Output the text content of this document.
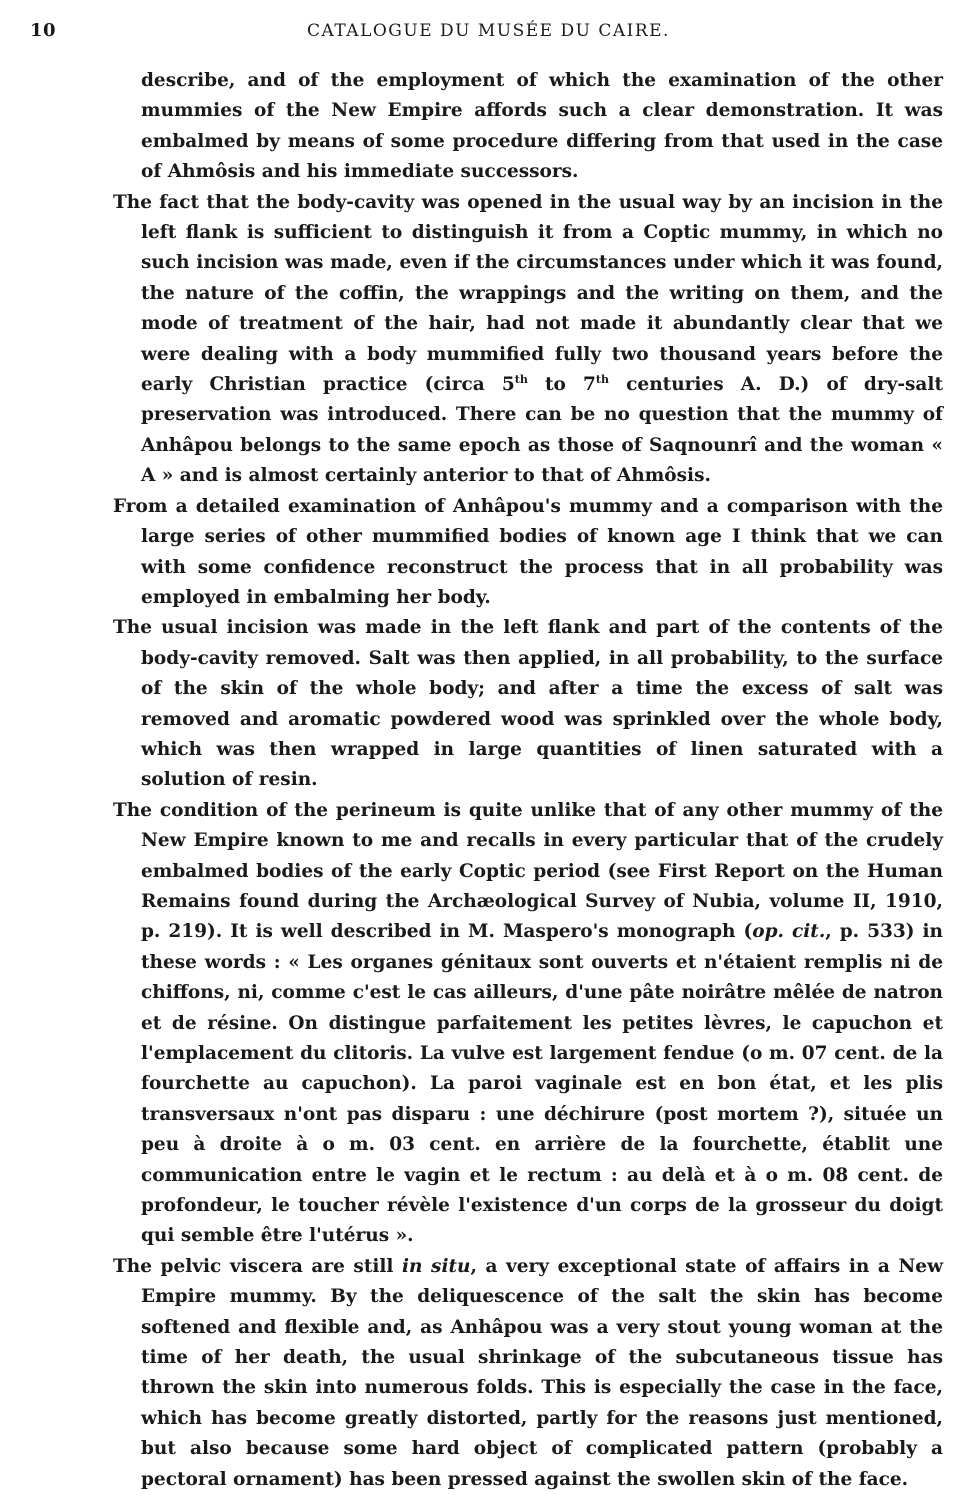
10	CATALOGUE DU MUSÉE DU CAIRE.

describe, and of the employment of which the examination of the other mummies of the New Empire affords such a clear demonstration. It was embalmed by means of some procedure differing from that used in the case of Ahmôsis and his immediate successors.

The fact that the body-cavity was opened in the usual way by an incision in the left flank is sufficient to distinguish it from a Coptic mummy, in which no such incision was made, even if the circumstances under which it was found, the nature of the coffin, the wrappings and the writing on them, and the mode of treatment of the hair, had not made it abundantly clear that we were dealing with a body mummified fully two thousand years before the early Christian practice (circa 5th to 7th centuries A. D.) of dry-salt preservation was introduced. There can be no question that the mummy of Anhâpou belongs to the same epoch as those of Saqnounrî and the woman « A » and is almost certainly anterior to that of Ahmôsis.

From a detailed examination of Anhâpou's mummy and a comparison with the large series of other mummified bodies of known age I think that we can with some confidence reconstruct the process that in all probability was employed in embalming her body.

The usual incision was made in the left flank and part of the contents of the body-cavity removed. Salt was then applied, in all probability, to the surface of the skin of the whole body; and after a time the excess of salt was removed and aromatic powdered wood was sprinkled over the whole body, which was then wrapped in large quantities of linen saturated with a solution of resin.

The condition of the perineum is quite unlike that of any other mummy of the New Empire known to me and recalls in every particular that of the crudely embalmed bodies of the early Coptic period (see First Report on the Human Remains found during the Archæological Survey of Nubia, volume II, 1910, p. 219). It is well described in M. Maspero's monograph (op. cit., p. 533) in these words : « Les organes génitaux sont ouverts et n'étaient remplis ni de chiffons, ni, comme c'est le cas ailleurs, d'une pâte noirâtre mêlée de natron et de résine. On distingue parfaitement les petites lèvres, le capuchon et l'emplacement du clitoris. La vulve est largement fendue (o m. 07 cent. de la fourchette au capuchon). La paroi vaginale est en bon état, et les plis transversaux n'ont pas disparu : une déchirure (post mortem ?), située un peu à droite à o m. 03 cent. en arrière de la fourchette, établit une communication entre le vagin et le rectum : au delà et à o m. 08 cent. de profondeur, le toucher révèle l'existence d'un corps de la grosseur du doigt qui semble être l'utérus ».

The pelvic viscera are still in situ, a very exceptional state of affairs in a New Empire mummy. By the deliquescence of the salt the skin has become softened and flexible and, as Anhâpou was a very stout young woman at the time of her death, the usual shrinkage of the subcutaneous tissue has thrown the skin into numerous folds. This is especially the case in the face, which has become greatly distorted, partly for the reasons just mentioned, but also because some hard object of complicated pattern (probably a pectoral ornament) has been pressed against the swollen skin of the face.
